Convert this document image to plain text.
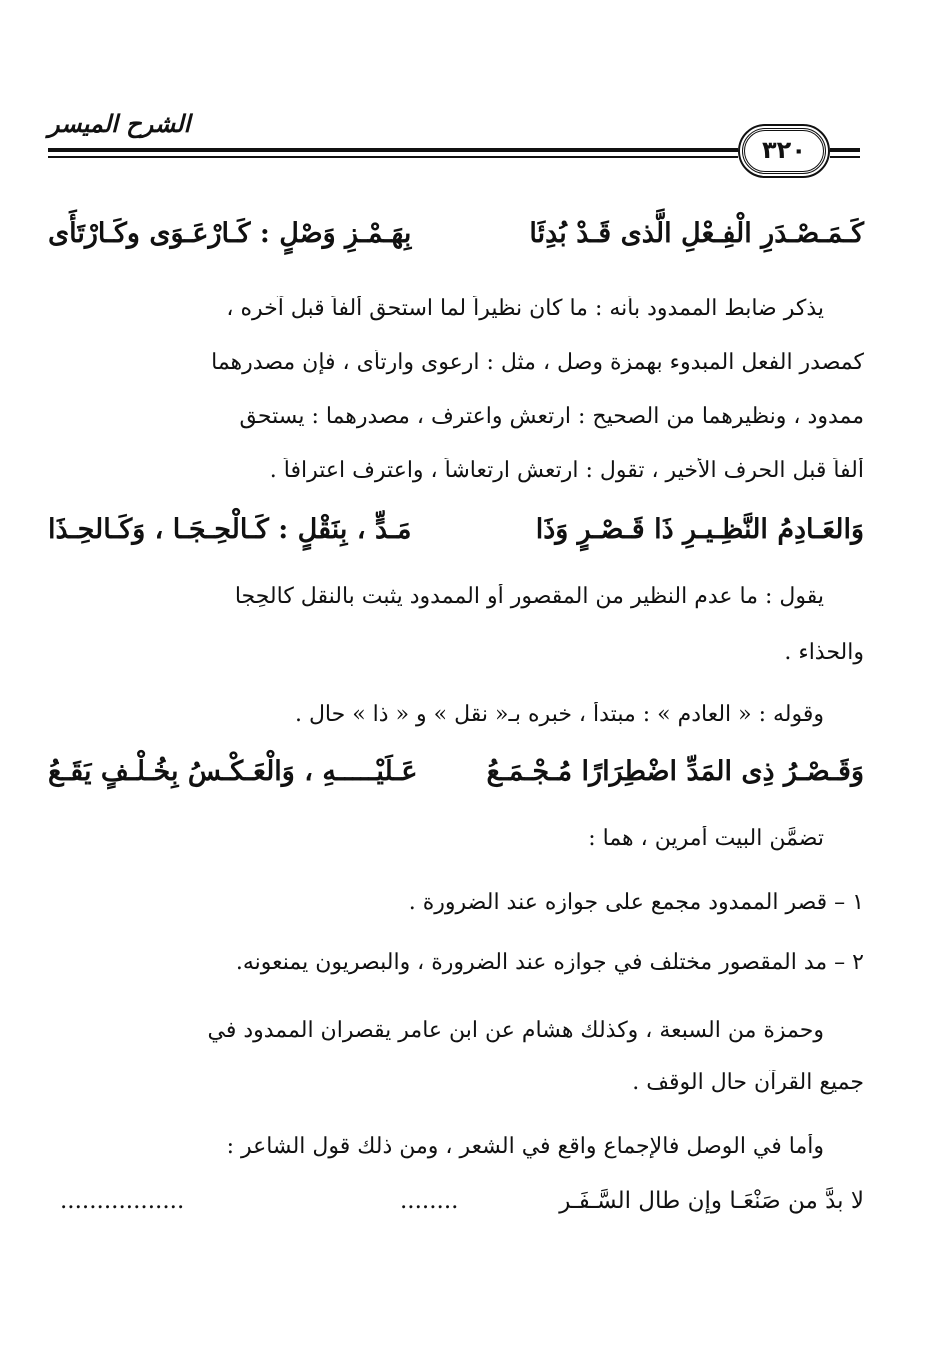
الشرح الميسر
٣٢٠
كَـمَـصْـدَرِ الْفِـعْلِ الَّذى قَـدْ بُدِئَا
بِهَـمْـزِ وَصْلٍ : كَـارْعَـوَى وكَـارْتَأَى
يذكر ضابط الممدود بأنه : ما كان نظيراً لما استحق ألفاً قبل آخره ،
كمصدر الفعل المبدوء بهمزة وصل ، مثل : ارعوى وارتأى ، فإن مصدرهما
ممدود ، ونظيرهما من الصحيح : ارتعش واعترف ، مصدرهما : يستحق
ألفاً قبل الحرف الأخير ، تقول : ارتعش ارتعاشاً ، واعترف اعترافاً .
وَالعَـادِمُ النَّظِـيـرِ ذَا قَـصْـرٍ وَذَا
مَـدٍّ ، بِنَقْلٍ : كَـالْحِـجَـا ، وَكَـالحِـذَا
يقول : ما عدم النظير من المقصور أو الممدود يثبت بالنقل كالحِجا
والحذاء .
وقوله : « العادم » : مبتدأ ، خبره بـ« نقل » و « ذا » حال .
وَقَـصْـرُ ذِى المَدِّ اضْطِرَارًا مُـجْـمَـعُ
عَـلَيْـــــهِ ، وَالْعَـكْـسُ بِخُـلْـفٍ يَقَـعُ
تضمَّن البيت أمرين ، هما :
١ – قصر الممدود مجمع على جوازه عند الضرورة .
٢ – مد المقصور مختلف في جوازه عند الضرورة ، والبصريون يمنعونه.
وحمزة من السبعة ، وكذلك هشام عن ابن عامر يقصران الممدود في
جميع القرآن حال الوقف .
وأما في الوصل فالإجماع واقع في الشعر ، ومن ذلك قول الشاعر :
لا بدَّ من صَنْعَـا وإن طال السَّـفَـر
........
.................
